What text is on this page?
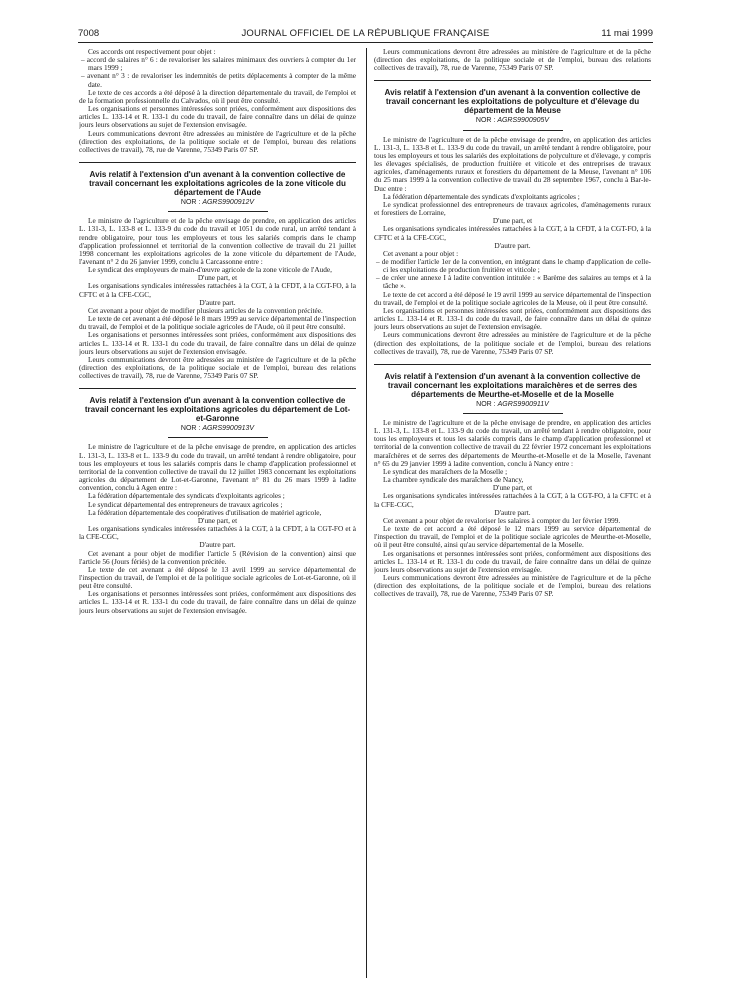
7008	JOURNAL OFFICIEL DE LA RÉPUBLIQUE FRANÇAISE	11 mai 1999

Ces accords ont respectivement pour objet :

– accord de salaires n° 6 : de revaloriser les salaires minimaux des ouvriers à compter du 1er mars 1999 ;

– avenant n° 3 : de revaloriser les indemnités de petits déplacements à compter de la même date.

Le texte de ces accords a été déposé à la direction départementale du travail, de l'emploi et de la formation professionnelle du Calvados, où il peut être consulté.

Les organisations et personnes intéressées sont priées, conformément aux dispositions des articles L. 133-14 et R. 133-1 du code du travail, de faire connaître dans un délai de quinze jours leurs observations au sujet de l'extension envisagée.

Leurs communications devront être adressées au ministère de l'agriculture et de la pêche (direction des exploitations, de la politique sociale et de l'emploi, bureau des relations collectives de travail), 78, rue de Varenne, 75349 Paris 07 SP.

Avis relatif à l'extension d'un avenant à la convention collective de travail concernant les exploitations agricoles de la zone viticole du département de l'Aude
NOR : AGRS9900912V

Le ministre de l'agriculture et de la pêche envisage de prendre, en application des articles L. 131-3, L. 133-8 et L. 133-9 du code du travail et 1051 du code rural, un arrêté tendant à rendre obligatoire, pour tous les employeurs et tous les salariés compris dans le champ d'application professionnel et territorial de la convention collective de travail du 21 juillet 1998 concernant les exploitations agricoles de la zone viticole du département de l'Aude, l'avenant n° 2 du 26 janvier 1999, conclu à Carcassonne entre :

Le syndicat des employeurs de main-d'œuvre agricole de la zone viticole de l'Aude,

D'une part, et

Les organisations syndicales intéressées rattachées à la CGT, à la CFDT, à la CGT-FO, à la CFTC et à la CFE-CGC,

D'autre part.

Cet avenant a pour objet de modifier plusieurs articles de la convention précitée.

Le texte de cet avenant a été déposé le 8 mars 1999 au service départemental de l'inspection du travail, de l'emploi et de la politique sociale agricoles de l'Aude, où il peut être consulté.

Les organisations et personnes intéressées sont priées, conformément aux dispositions des articles L. 133-14 et R. 133-1 du code du travail, de faire connaître dans un délai de quinze jours leurs observations au sujet de l'extension envisagée.

Leurs communications devront être adressées au ministère de l'agriculture et de la pêche (direction des exploitations, de la politique sociale et de l'emploi, bureau des relations collectives de travail), 78, rue de Varenne, 75349 Paris 07 SP.

Avis relatif à l'extension d'un avenant à la convention collective de travail concernant les exploitations agricoles du département de Lot-et-Garonne
NOR : AGRS9900913V

Le ministre de l'agriculture et de la pêche envisage de prendre, en application des articles L. 131-3, L. 133-8 et L. 133-9 du code du travail, un arrêté tendant à rendre obligatoire, pour tous les employeurs et tous les salariés compris dans le champ d'application professionnel et territorial de la convention collective de travail du 12 juillet 1983 concernant les exploitations agricoles du département de Lot-et-Garonne, l'avenant n° 81 du 26 mars 1999 à ladite convention, conclu à Agen entre :

La fédération départementale des syndicats d'exploitants agricoles ;

Le syndicat départemental des entrepreneurs de travaux agricoles ;

La fédération départementale des coopératives d'utilisation de matériel agricole,

D'une part, et

Les organisations syndicales intéressées rattachées à la CGT, à la CFDT, à la CGT-FO et à la CFE-CGC,

D'autre part.

Cet avenant a pour objet de modifier l'article 5 (Révision de la convention) ainsi que l'article 56 (Jours fériés) de la convention précitée.

Le texte de cet avenant a été déposé le 13 avril 1999 au service départemental de l'inspection du travail, de l'emploi et de la politique sociale agricoles de Lot-et-Garonne, où il peut être consulté.

Les organisations et personnes intéressées sont priées, conformément aux dispositions des articles L. 133-14 et R. 133-1 du code du travail, de faire connaître dans un délai de quinze jours leurs observations au sujet de l'extension envisagée.

Leurs communications devront être adressées au ministère de l'agriculture et de la pêche (direction des exploitations, de la politique sociale et de l'emploi, bureau des relations collectives de travail), 78, rue de Varenne, 75349 Paris 07 SP.

Avis relatif à l'extension d'un avenant à la convention collective de travail concernant les exploitations de polyculture et d'élevage du département de la Meuse
NOR : AGRS9900905V

Le ministre de l'agriculture et de la pêche envisage de prendre, en application des articles L. 131-3, L. 133-8 et L. 133-9 du code du travail, un arrêté tendant à rendre obligatoire, pour tous les employeurs et tous les salariés des exploitations de polyculture et d'élevage, y compris les élevages spécialisés, de production fruitière et viticole et des entreprises de travaux agricoles, d'aménagements ruraux et forestiers du département de la Meuse, l'avenant n° 106 du 25 mars 1999 à la convention collective de travail du 28 septembre 1967, conclu à Bar-le-Duc entre :

La fédération départementale des syndicats d'exploitants agricoles ;

Le syndicat professionnel des entrepreneurs de travaux agricoles, d'aménagements ruraux et forestiers de Lorraine,

D'une part, et

Les organisations syndicales intéressées rattachées à la CGT, à la CFDT, à la CGT-FO, à la CFTC et à la CFE-CGC,

D'autre part.

Cet avenant a pour objet :

– de modifier l'article 1er de la convention, en intégrant dans le champ d'application de celle-ci les exploitations de production fruitière et viticole ;

– de créer une annexe I à ladite convention intitulée : « Barème des salaires au temps et à la tâche ».

Le texte de cet accord a été déposé le 19 avril 1999 au service départemental de l'inspection du travail, de l'emploi et de la politique sociale agricoles de la Meuse, où il peut être consulté.

Les organisations et personnes intéressées sont priées, conformément aux dispositions des articles L. 133-14 et R. 133-1 du code du travail, de faire connaître dans un délai de quinze jours leurs observations au sujet de l'extension envisagée.

Leurs communications devront être adressées au ministère de l'agriculture et de la pêche (direction des exploitations, de la politique sociale et de l'emploi, bureau des relations collectives de travail), 78, rue de Varenne, 75349 Paris 07 SP.

Avis relatif à l'extension d'un avenant à la convention collective de travail concernant les exploitations maraîchères et de serres des départements de Meurthe-et-Moselle et de la Moselle
NOR : AGRS9900911V

Le ministre de l'agriculture et de la pêche envisage de prendre, en application des articles L. 131-3, L. 133-8 et L. 133-9 du code du travail, un arrêté tendant à rendre obligatoire, pour tous les employeurs et tous les salariés compris dans le champ d'application professionnel et territorial de la convention collective de travail du 22 février 1972 concernant les exploitations maraîchères et de serres des départements de Meurthe-et-Moselle et de la Moselle, l'avenant n° 65 du 29 janvier 1999 à ladite convention, conclu à Nancy entre :

Le syndicat des maraîchers de la Moselle ;

La chambre syndicale des maraîchers de Nancy,

D'une part, et

Les organisations syndicales intéressées rattachées à la CGT, à la CGT-FO, à la CFTC et à la CFE-CGC,

D'autre part.

Cet avenant a pour objet de revaloriser les salaires à compter du 1er février 1999.

Le texte de cet accord a été déposé le 12 mars 1999 au service départemental de l'inspection du travail, de l'emploi et de la politique sociale agricoles de Meurthe-et-Moselle, où il peut être consulté, ainsi qu'au service départemental de la Moselle.

Les organisations et personnes intéressées sont priées, conformément aux dispositions des articles L. 133-14 et R. 133-1 du code du travail, de faire connaître dans un délai de quinze jours leurs observations au sujet de l'extension envisagée.

Leurs communications devront être adressées au ministère de l'agriculture et de la pêche (direction des exploitations, de la politique sociale et de l'emploi, bureau des relations collectives de travail), 78, rue de Varenne, 75349 Paris 07 SP.
